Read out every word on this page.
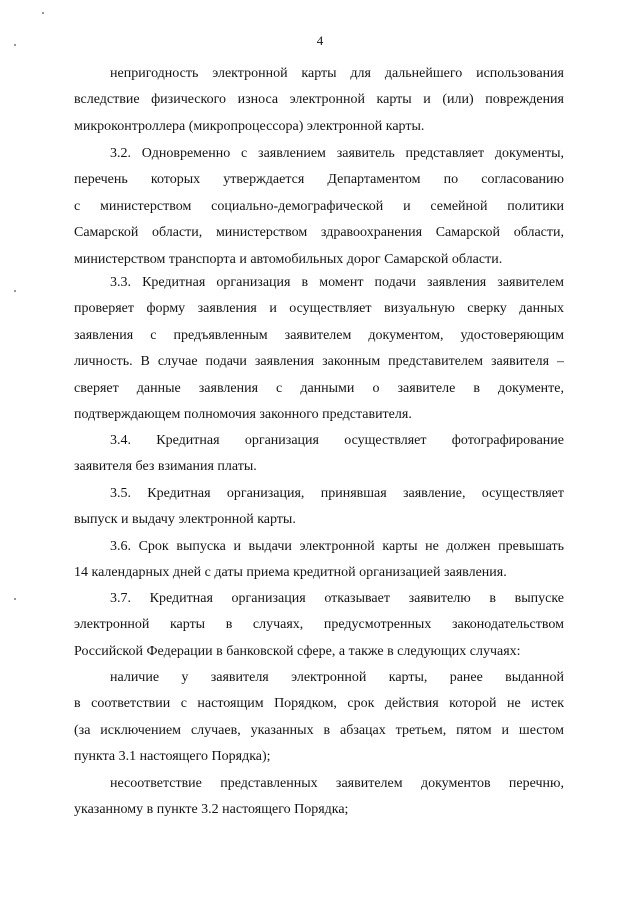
4
непригодность электронной карты для дальнейшего использования
вследствие физического износа электронной карты и (или) повреждения
микроконтроллера (микропроцессора) электронной карты.
3.2. Одновременно с заявлением заявитель представляет документы,
перечень которых утверждается Департаментом по согласованию
с министерством социально-демографической и семейной политики
Самарской области, министерством здравоохранения Самарской области,
министерством транспорта и автомобильных дорог Самарской области.
3.3. Кредитная организация в момент подачи заявления заявителем
проверяет форму заявления и осуществляет визуальную сверку данных
заявления с предъявленным заявителем документом, удостоверяющим
личность. В случае подачи заявления законным представителем заявителя –
сверяет данные заявления с данными о заявителе в документе,
подтверждающем полномочия законного представителя.
3.4. Кредитная организация осуществляет фотографирование
заявителя без взимания платы.
3.5. Кредитная организация, принявшая заявление, осуществляет
выпуск и выдачу электронной карты.
3.6. Срок выпуска и выдачи электронной карты не должен превышать
14 календарных дней с даты приема кредитной организацией заявления.
3.7. Кредитная организация отказывает заявителю в выпуске
электронной карты в случаях, предусмотренных законодательством
Российской Федерации в банковской сфере, а также в следующих случаях:
наличие у заявителя электронной карты, ранее выданной
в соответствии с настоящим Порядком, срок действия которой не истек
(за исключением случаев, указанных в абзацах третьем, пятом и шестом
пункта 3.1 настоящего Порядка);
несоответствие представленных заявителем документов перечню,
указанному в пункте 3.2 настоящего Порядка;
